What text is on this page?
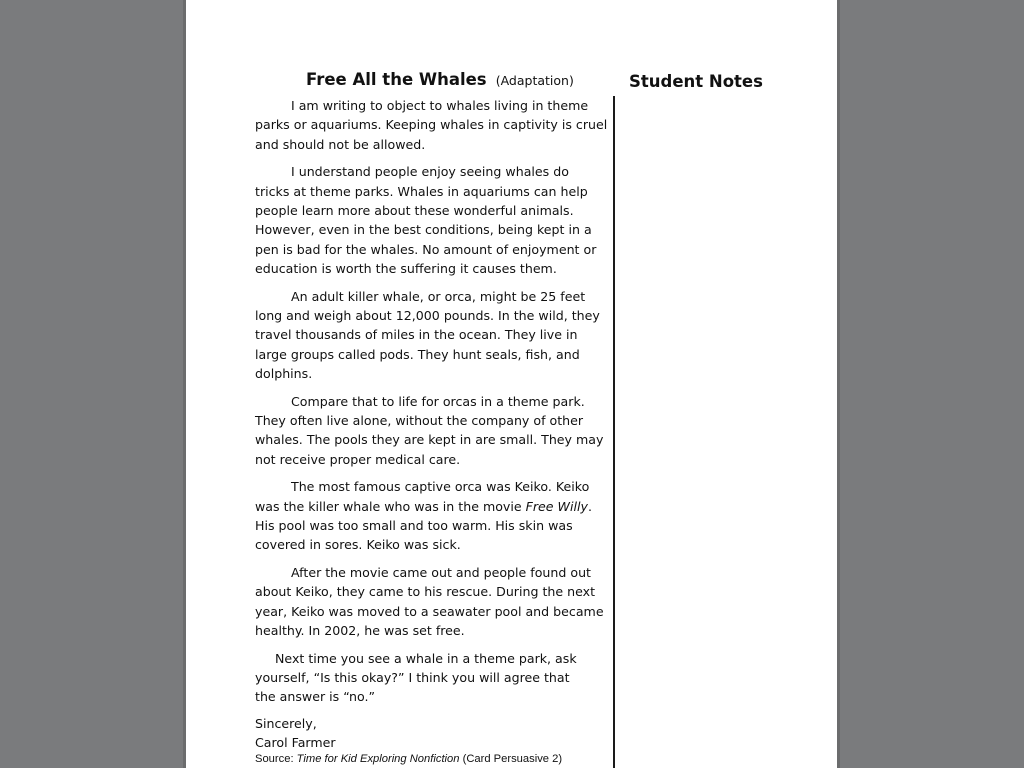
Free All the Whales (Adaptation)	Student Notes
I am writing to object to whales living in theme
parks or aquariums. Keeping whales in captivity is cruel
and should not be allowed.
I understand people enjoy seeing whales do
tricks at theme parks. Whales in aquariums can help
people learn more about these wonderful animals.
However, even in the best conditions, being kept in a
pen is bad for the whales. No amount of enjoyment or
education is worth the suffering it causes them.
An adult killer whale, or orca, might be 25 feet
long and weigh about 12,000 pounds. In the wild, they
travel thousands of miles in the ocean. They live in
large groups called pods. They hunt seals, fish, and
dolphins.
Compare that to life for orcas in a theme park.
They often live alone, without the company of other
whales. The pools they are kept in are small. They may
not receive proper medical care.
The most famous captive orca was Keiko. Keiko
was the killer whale who was in the movie Free Willy.
His pool was too small and too warm. His skin was
covered in sores. Keiko was sick.
After the movie came out and people found out
about Keiko, they came to his rescue. During the next
year, Keiko was moved to a seawater pool and became
healthy. In 2002, he was set free.
Next time you see a whale in a theme park, ask
yourself, “Is this okay?” I think you will agree that
the answer is “no.”
Sincerely,
Carol Farmer
Source: Time for Kid Exploring Nonfiction (Card Persuasive 2)
